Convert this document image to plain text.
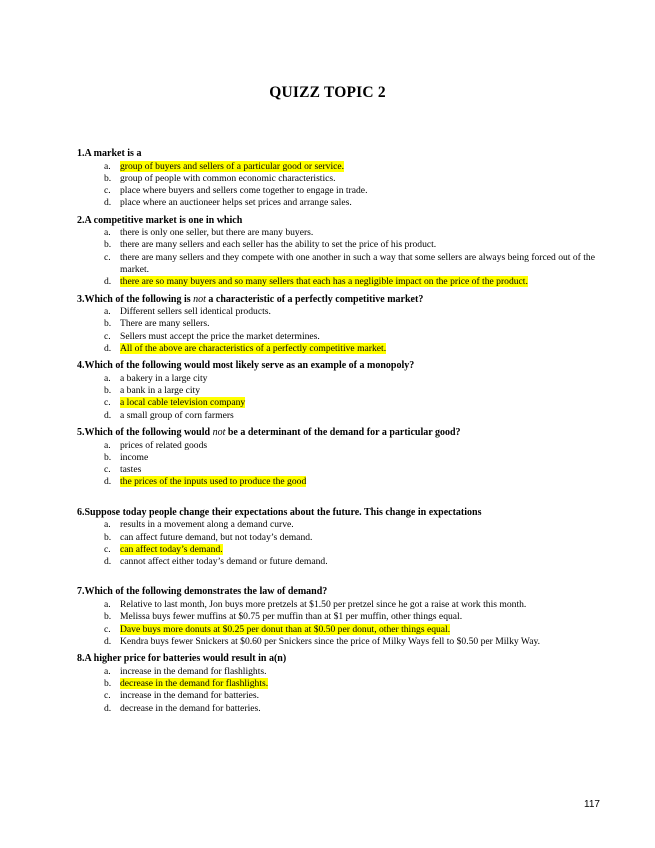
QUIZZ TOPIC 2
1.A market is a
a. group of buyers and sellers of a particular good or service.
b. group of people with common economic characteristics.
c. place where buyers and sellers come together to engage in trade.
d. place where an auctioneer helps set prices and arrange sales.
2.A competitive market is one in which
a. there is only one seller, but there are many buyers.
b. there are many sellers and each seller has the ability to set the price of his product.
c. there are many sellers and they compete with one another in such a way that some sellers are always being forced out of the market.
d. there are so many buyers and so many sellers that each has a negligible impact on the price of the product.
3.Which of the following is not a characteristic of a perfectly competitive market?
a. Different sellers sell identical products.
b. There are many sellers.
c. Sellers must accept the price the market determines.
d. All of the above are characteristics of a perfectly competitive market.
4.Which of the following would most likely serve as an example of a monopoly?
a. a bakery in a large city
b. a bank in a large city
c. a local cable television company
d. a small group of corn farmers
5.Which of the following would not be a determinant of the demand for a particular good?
a. prices of related goods
b. income
c. tastes
d. the prices of the inputs used to produce the good
6.Suppose today people change their expectations about the future. This change in expectations
a. results in a movement along a demand curve.
b. can affect future demand, but not today’s demand.
c. can affect today’s demand.
d. cannot affect either today’s demand or future demand.
7.Which of the following demonstrates the law of demand?
a. Relative to last month, Jon buys more pretzels at $1.50 per pretzel since he got a raise at work this month.
b. Melissa buys fewer muffins at $0.75 per muffin than at $1 per muffin, other things equal.
c. Dave buys more donuts at $0.25 per donut than at $0.50 per donut, other things equal.
d. Kendra buys fewer Snickers at $0.60 per Snickers since the price of Milky Ways fell to $0.50 per Milky Way.
8.A higher price for batteries would result in a(n)
a. increase in the demand for flashlights.
b. decrease in the demand for flashlights.
c. increase in the demand for batteries.
d. decrease in the demand for batteries.
117
